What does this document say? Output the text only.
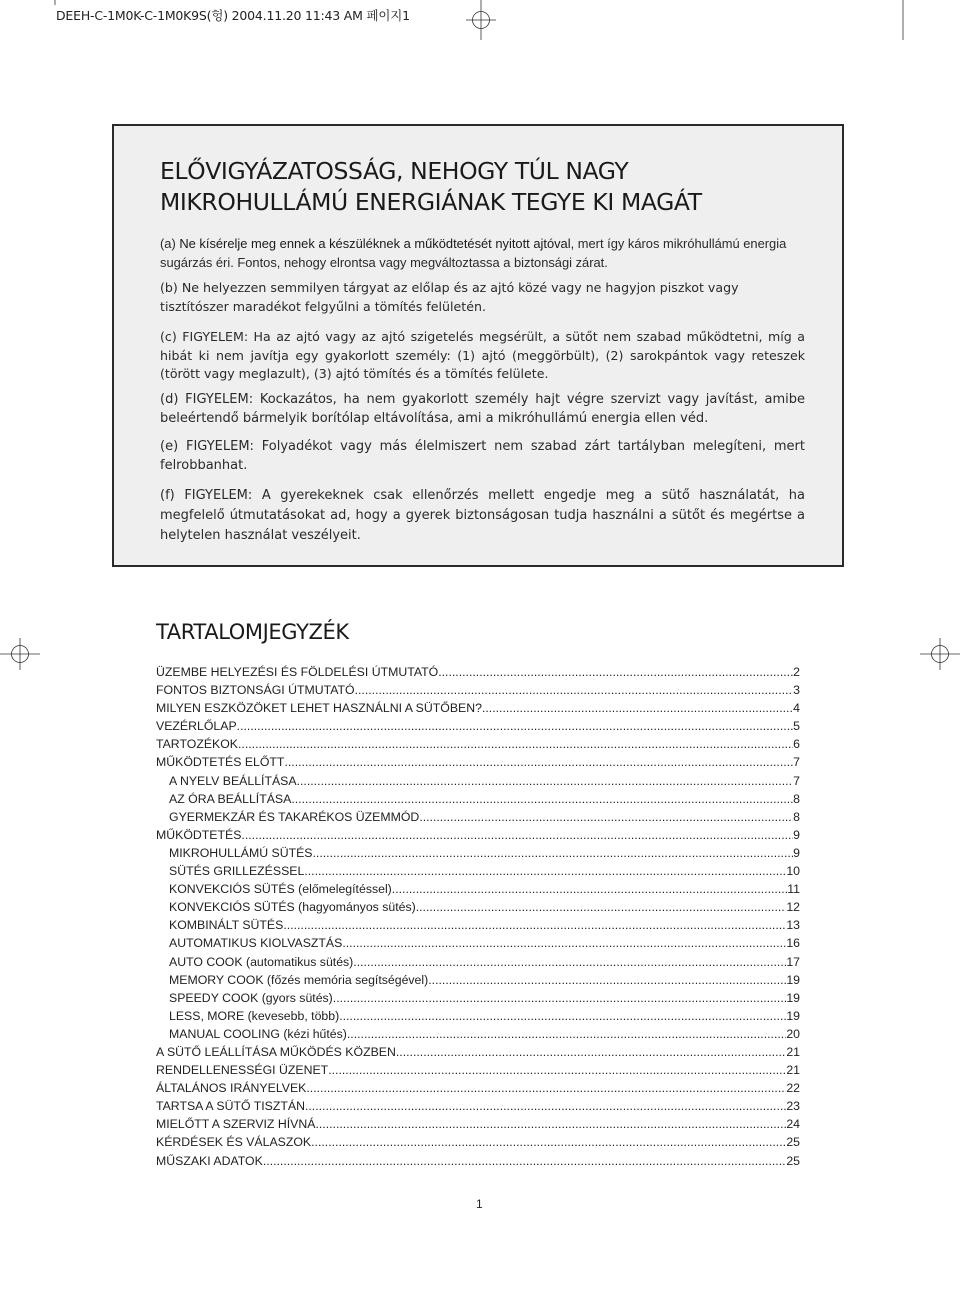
DEEH-C-1M0K-C-1M0K9S(헝) 2004.11.20 11:43 AM 페이지1
ELŐVIGYÁZATOSSÁG, NEHOGY TÚL NAGY
MIKROHULLÁMÚ ENERGIÁNAK TEGYE KI MAGÁT

(a) Ne kísérelje meg ennek a készüléknek a működtetését nyitott ajtóval, mert így káros mikróhullámú energia sugárzás éri. Fontos, nehogy elrontsa vagy megváltoztassa a biztonsági zárat.

(b) Ne helyezzen semmilyen tárgyat az előlap és az ajtó közé vagy ne hagyjon piszkot vagy tisztítószer maradékot felgyűlni a tömítés felületén.

(c) FIGYELEM: Ha az ajtó vagy az ajtó szigetelés megsérült, a sütőt nem szabad működtetni, míg a hibát ki nem javítja egy gyakorlott személy: (1) ajtó (meggörbült), (2) sarokpántok vagy reteszek (törött vagy meglazult), (3) ajtó tömítés és a tömítés felülete.

(d) FIGYELEM: Kockazátos, ha nem gyakorlott személy hajt végre szervizt vagy javítást, amibe beleértendő bármelyik borítólap eltávolítása, ami a mikróhullámú energia ellen véd.

(e) FIGYELEM: Folyadékot vagy más élelmiszert nem szabad zárt tartályban melegíteni, mert felrobbanhat.

(f) FIGYELEM: A gyerekeknek csak ellenőrzés mellett engedje meg a sütő használatát, ha megfelelő útmutatásokat ad, hogy a gyerek biztonságosan tudja használni a sütőt és megértse a helytelen használat veszélyeit.

TARTALOMJEGYZÉK
ÜZEMBE HELYEZÉSI ÉS FÖLDELÉSI ÚTMUTATÓ .....	2
FONTOS BIZTONSÁGI ÚTMUTATÓ .....	3
MILYEN ESZKÖZÖKET LEHET HASZNÁLNI A SÜTŐBEN? .....	4
VEZÉRLŐLAP .....	5
TARTOZÉKOK .....	6
MŰKÖDTETÉS ELŐTT .....	7
A NYELV BEÁLLÍTÁSA .....	7
AZ ÓRA BEÁLLÍTÁSA .....	8
GYERMEKZÁR ÉS TAKARÉKOS ÜZEMMÓD .....	8
MŰKÖDTETÉS .....	9
MIKROHULLÁMÚ SÜTÉS .....	9
SÜTÉS GRILLEZÉSSEL .....	10
KONVEKCIÓS SÜTÉS (előmelegítéssel) .....	11
KONVEKCIÓS SÜTÉS (hagyományos sütés) .....	12
KOMBINÁLT SÜTÉS .....	13
AUTOMATIKUS KIOLVASZTÁS .....	16
AUTO COOK (automatikus sütés) .....	17
MEMORY COOK (főzés memória segítségével) .....	19
SPEEDY COOK (gyors sütés) .....	19
LESS, MORE (kevesebb, több) .....	19
MANUAL COOLING (kézi hűtés) .....	20
A SÜTŐ LEÁLLÍTÁSA MŰKÖDÉS KÖZBEN .....	21
RENDELLENESSÉGI ÜZENET .....	21
ÁLTALÁNOS IRÁNYELVEK .....	22
TARTSA A SÜTŐ TISZTÁN .....	23
MIELŐTT A SZERVIZ HÍVNÁ .....	24
KÉRDÉSEK ÉS VÁLASZOK .....	25
MŰSZAKI ADATOK .....	25
1
